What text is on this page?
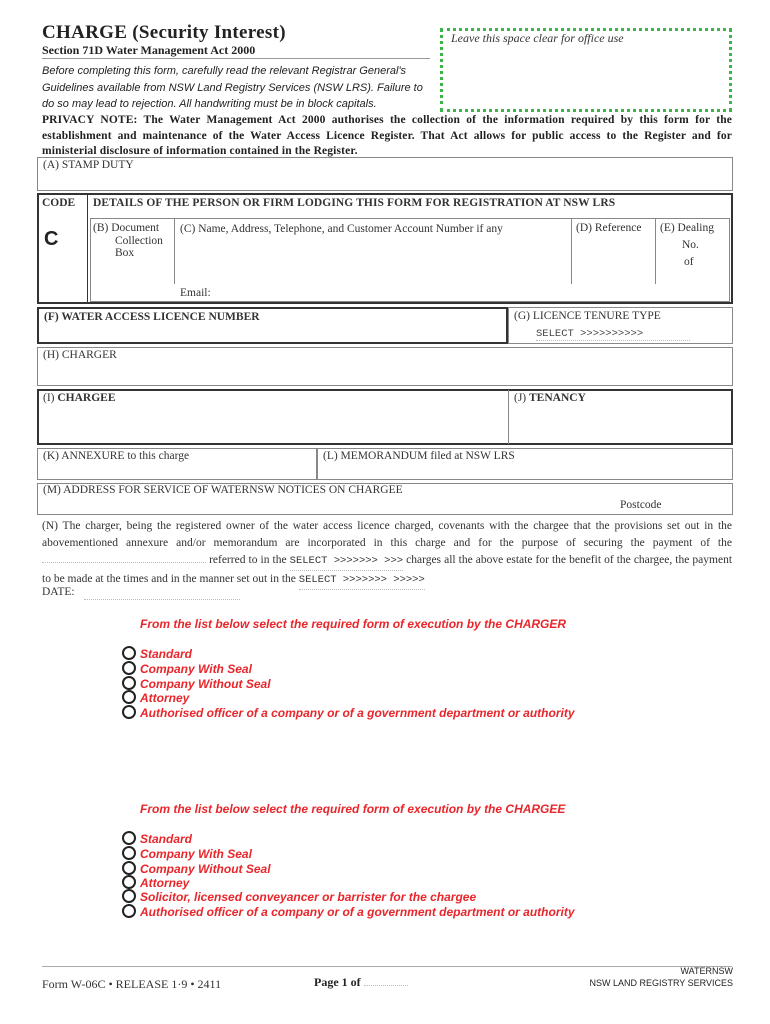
CHARGE (Security Interest)
Section 71D Water Management Act 2000
Before completing this form, carefully read the relevant Registrar General's Guidelines available from NSW Land Registry Services (NSW LRS). Failure to do so may lead to rejection. All handwriting must be in block capitals.
Leave this space clear for office use
PRIVACY NOTE: The Water Management Act 2000 authorises the collection of the information required by this form for the establishment and maintenance of the Water Access Licence Register. That Act allows for public access to the Register and for ministerial disclosure of information contained in the Register.
(A) STAMP DUTY
CODE
C
DETAILS OF THE PERSON OR FIRM LODGING THIS FORM FOR REGISTRATION AT NSW LRS
(B) Document
Collection
Box
(C) Name, Address, Telephone, and Customer Account Number if any	(D) Reference (E) Dealing
No.
of
Email:
(F) WATER ACCESS LICENCE NUMBER	(G) LICENCE TENURE TYPE
SELECT >>>>>>>>>>
(H) CHARGER
(I) CHARGEE	(J) TENANCY
(K) ANNEXURE to this charge	(L) MEMORANDUM filed at NSW LRS
(M) ADDRESS FOR SERVICE OF WATERNSW NOTICES ON CHARGEE
Postcode
(N) The charger, being the registered owner of the water access licence charged, covenants with the chargee that the provisions set out in the abovementioned annexure and/or memorandum are incorporated in this charge and for the purpose of securing the payment of the  referred to in the SELECT >>>>>>> >>> charges all the above estate for the benefit of the chargee, the payment to be made at the times and in the manner set out in the SELECT >>>>>>> >>>>>
DATE:
From the list below select the required form of execution by the CHARGER
Standard
Company With Seal
Company Without Seal
Attorney
Authorised officer of a company or of a government department or authority
From the list below select the required form of execution by the CHARGEE
Standard
Company With Seal
Company Without Seal
Attorney
Solicitor, licensed conveyancer or barrister for the chargee
Authorised officer of a company or of a government department or authority
Form W-06C • RELEASE 1·9 • 2411	Page 1 of
WATERNSW
NSW LAND REGISTRY SERVICES
